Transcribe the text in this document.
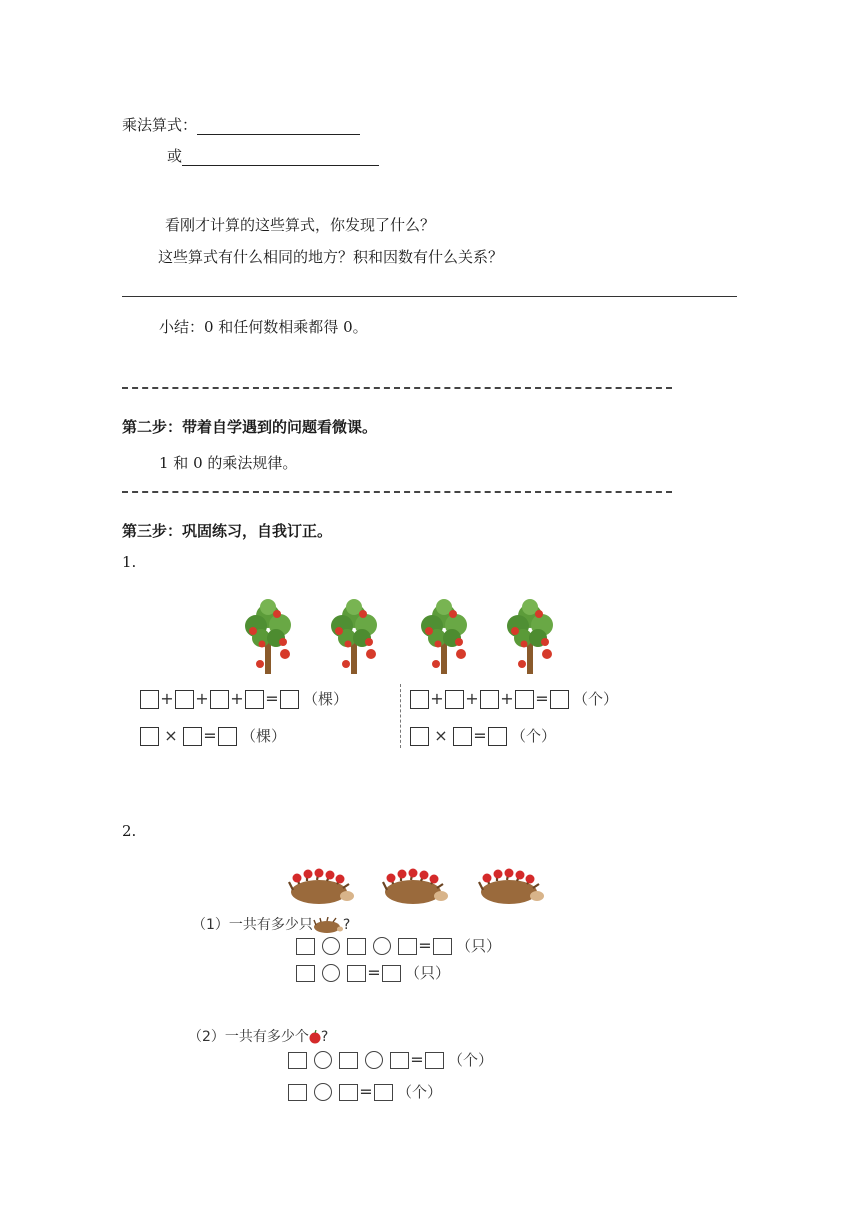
乘法算式：
或
看刚才计算的这些算式，你发现了什么？
这些算式有什么相同的地方？积和因数有什么关系？
小结：0 和任何数相乘都得 0。
第二步：带着自学遇到的问题看微课。
1 和 0 的乘法规律。
第三步：巩固练习，自我订正。
1.
+ + + = （棵）
× = （棵）
+ + + = （个）
× = （个）
2.
（1）一共有多少只 ?
= （只）
= （只）
（2）一共有多少个 ?
= （个）
= （个）
